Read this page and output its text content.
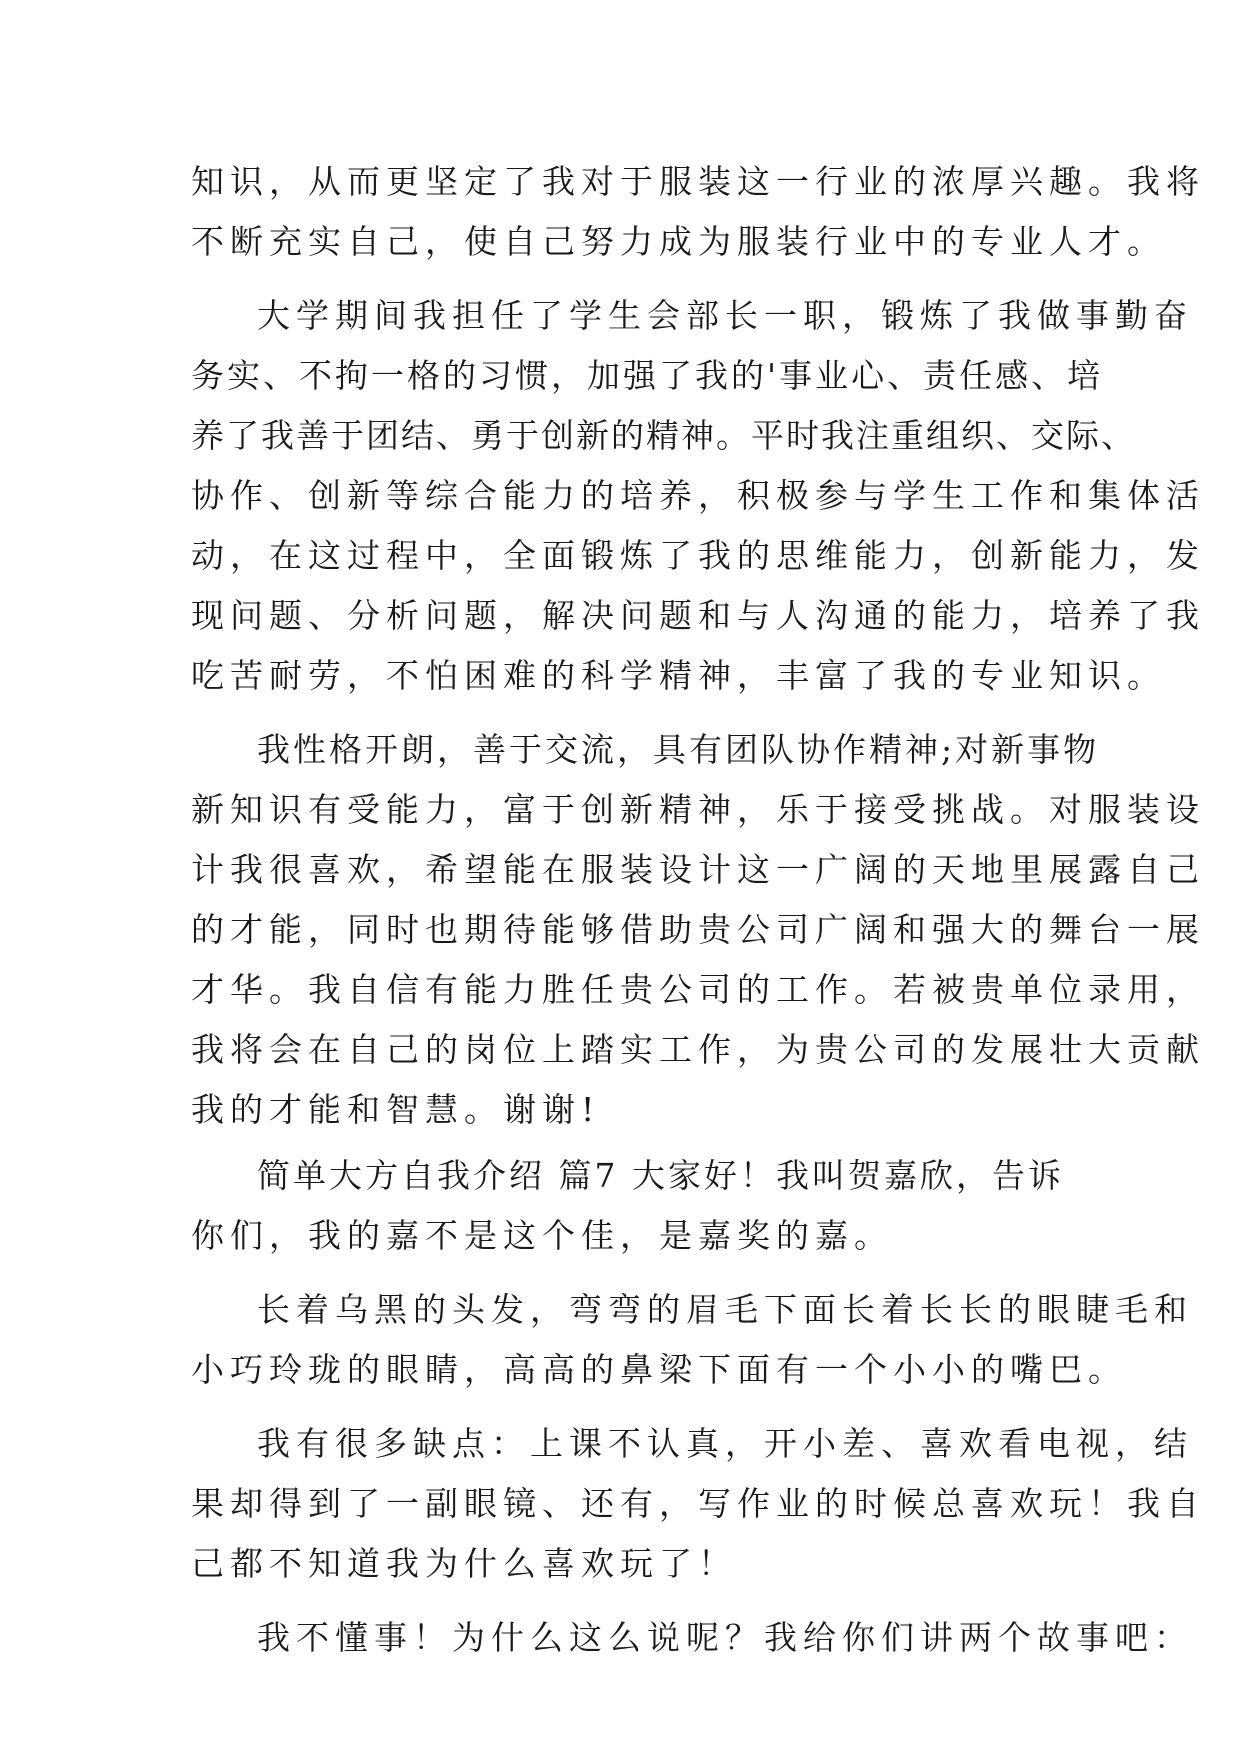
知识，从而更坚定了我对于服装这一行业的浓厚兴趣。我将
不断充实自己，使自己努力成为服装行业中的专业人才。
大学期间我担任了学生会部长一职，锻炼了我做事勤奋
务实、不拘一格的习惯，加强了我的'事业心、责任感、培
养了我善于团结、勇于创新的精神。平时我注重组织、交际、
协作、创新等综合能力的培养，积极参与学生工作和集体活
动，在这过程中，全面锻炼了我的思维能力，创新能力，发
现问题、分析问题，解决问题和与人沟通的能力，培养了我
吃苦耐劳，不怕困难的科学精神，丰富了我的专业知识。
我性格开朗，善于交流，具有团队协作精神;对新事物
新知识有受能力，富于创新精神，乐于接受挑战。对服装设
计我很喜欢，希望能在服装设计这一广阔的天地里展露自己
的才能，同时也期待能够借助贵公司广阔和强大的舞台一展
才华。我自信有能力胜任贵公司的工作。若被贵单位录用，
我将会在自己的岗位上踏实工作，为贵公司的发展壮大贡献
我的才能和智慧。谢谢!
简单大方自我介绍 篇7 大家好！我叫贺嘉欣，告诉
你们，我的嘉不是这个佳，是嘉奖的嘉。
长着乌黑的头发，弯弯的眉毛下面长着长长的眼睫毛和
小巧玲珑的眼睛，高高的鼻梁下面有一个小小的嘴巴。
我有很多缺点：上课不认真，开小差、喜欢看电视，结
果却得到了一副眼镜、还有，写作业的时候总喜欢玩！我自
己都不知道我为什么喜欢玩了！
我不懂事！为什么这么说呢？我给你们讲两个故事吧：
